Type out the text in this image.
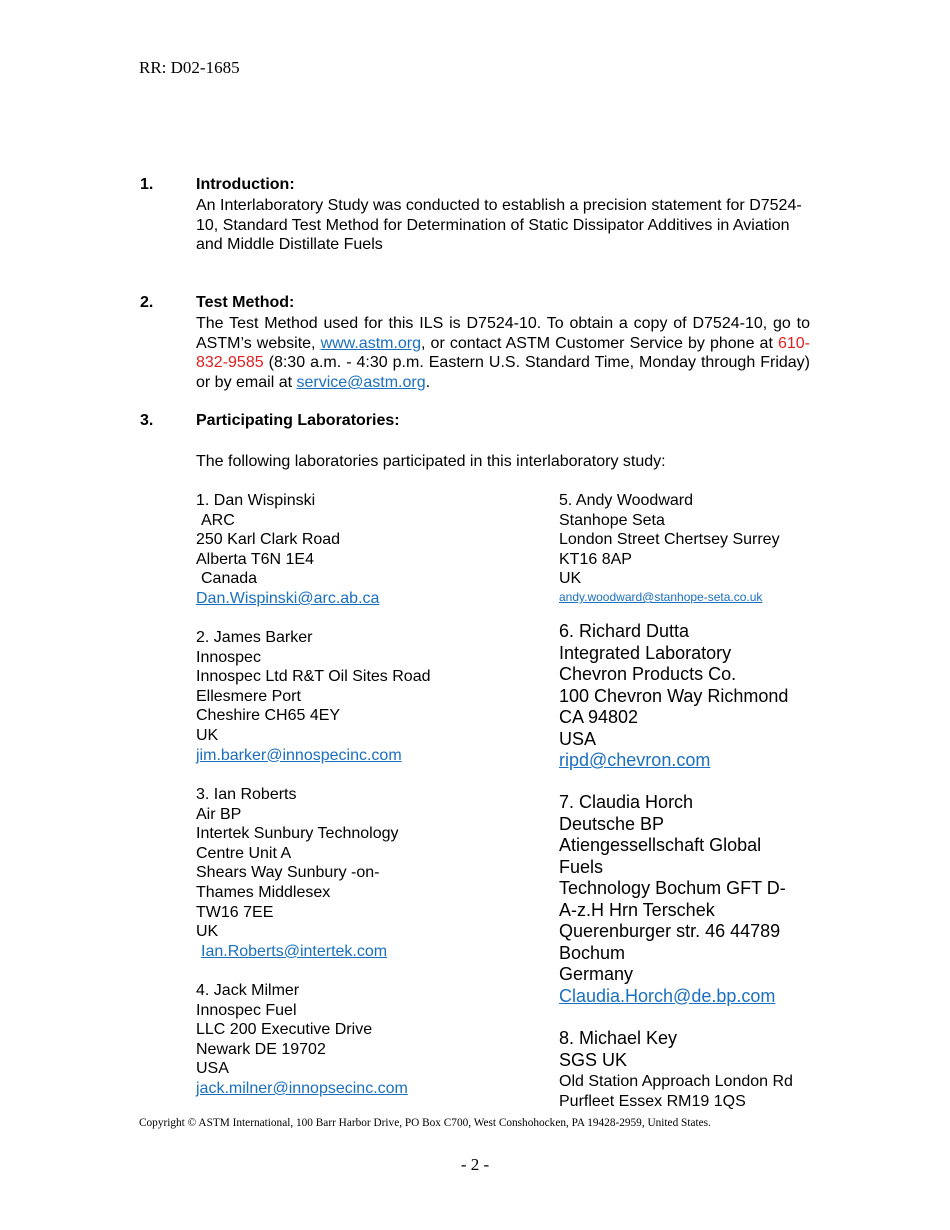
RR: D02-1685
1.	Introduction:
An Interlaboratory Study was conducted to establish a precision statement for D7524-10, Standard Test Method for Determination of Static Dissipator Additives in Aviation and Middle Distillate Fuels
2.	Test Method:
The Test Method used for this ILS is D7524-10. To obtain a copy of D7524-10, go to ASTM’s website, www.astm.org, or contact ASTM Customer Service by phone at 610-832-9585 (8:30 a.m. - 4:30 p.m. Eastern U.S. Standard Time, Monday through Friday) or by email at service@astm.org.
3.	Participating Laboratories:
The following laboratories participated in this interlaboratory study:
1. Dan Wispinski
ARC
250 Karl Clark Road
Alberta T6N 1E4
Canada
Dan.Wispinski@arc.ab.ca
2. James Barker
Innospec
Innospec Ltd R&T Oil Sites Road
Ellesmere Port
Cheshire CH65 4EY
UK
jim.barker@innospecinc.com
3. Ian Roberts
Air BP
Intertek Sunbury Technology
Centre Unit A
Shears Way Sunbury -on-
Thames Middlesex
TW16 7EE
UK
Ian.Roberts@intertek.com
4. Jack Milmer
Innospec Fuel
LLC 200 Executive Drive
Newark DE 19702
USA
jack.milner@innopsecinc.com
5. Andy Woodward
Stanhope Seta
London Street Chertsey Surrey
KT16 8AP
UK
andy.woodward@stanhope-seta.co.uk
6. Richard Dutta
Integrated Laboratory
Chevron Products Co.
100 Chevron Way Richmond
CA 94802
USA
ripd@chevron.com
7. Claudia Horch
Deutsche BP
Atiengessellschaft Global
Fuels
Technology Bochum GFT D-
A-z.H Hrn Terschek
Querenburger str. 46 44789
Bochum
Germany
Claudia.Horch@de.bp.com
8. Michael Key
SGS UK
Old Station Approach London Rd
Purfleet Essex RM19 1QS
Copyright © ASTM International, 100 Barr Harbor Drive, PO Box C700, West Conshohocken, PA 19428-2959, United States.
- 2 -
